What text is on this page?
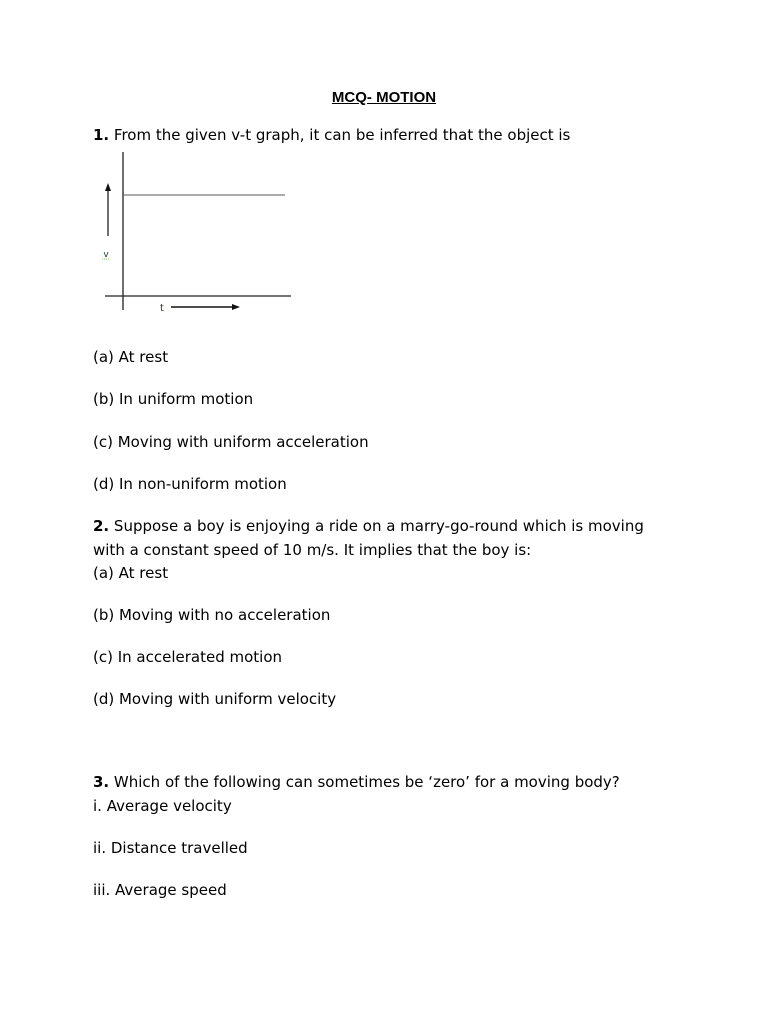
MCQ- MOTION
1. From the given v-t graph, it can be inferred that the object is
v
t
(a) At rest
(b) In uniform motion
(c) Moving with uniform acceleration
(d) In non-uniform motion
2. Suppose a boy is enjoying a ride on a marry-go-round which is moving
with a constant speed of 10 m/s. It implies that the boy is:
(a) At rest
(b) Moving with no acceleration
(c) In accelerated motion
(d) Moving with uniform velocity
3. Which of the following can sometimes be ‘zero’ for a moving body?
i. Average velocity
ii. Distance travelled
iii. Average speed
